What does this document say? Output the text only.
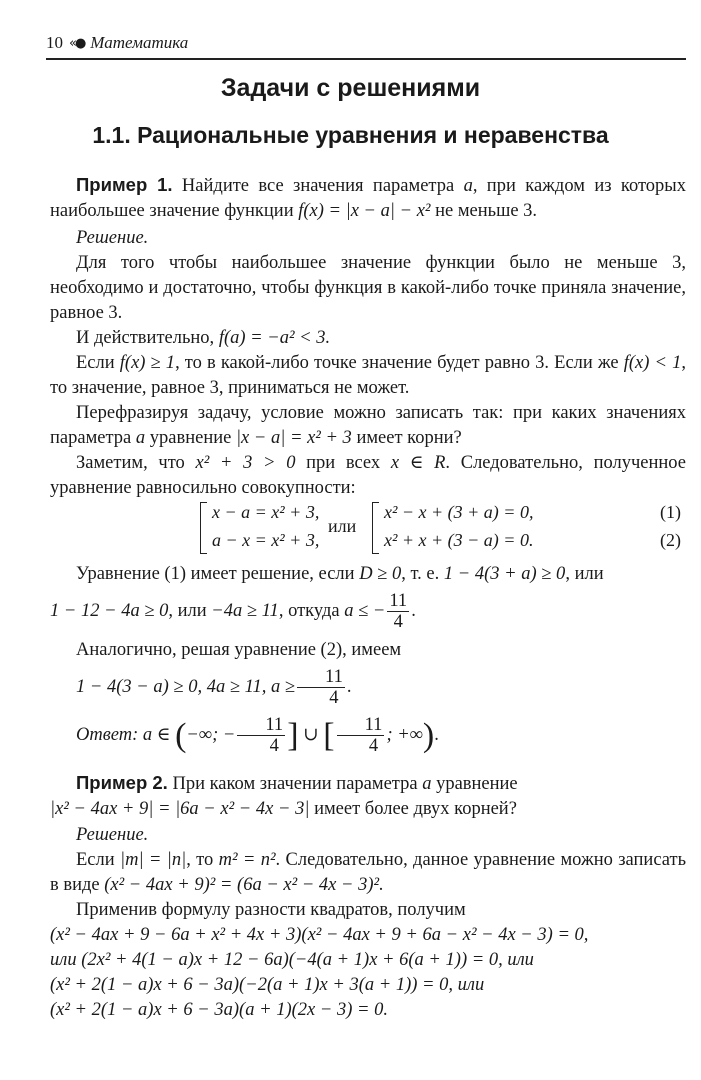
10 «● Математика
Задачи с решениями
1.1. Рациональные уравнения и неравенства
Пример 1. Найдите все значения параметра a, при каждом из которых наибольшее значение функции f(x) = |x − a| − x² не меньше 3.
Решение.
Для того чтобы наибольшее значение функции было не меньше 3, необходимо и достаточно, чтобы функция в какой-либо точке приняла значение, равное 3.
И действительно, f(a) = −a² < 3.
Если f(x) ≥ 1, то в какой-либо точке значение будет равно 3. Если же f(x) < 1, то значение, равное 3, приниматься не может.
Перефразируя задачу, условие можно записать так: при каких значениях параметра a уравнение |x − a| = x² + 3 имеет корни?
Заметим, что x² + 3 > 0 при всех x ∈ R. Следовательно, полученное уравнение равносильно совокупности:
x − a = x² + 3,
a − x = x² + 3,
или
x² − x + (3 + a) = 0,
x² + x + (3 − a) = 0.
(1)
(2)
Уравнение (1) имеет решение, если D ≥ 0, т. е. 1 − 4(3 + a) ≥ 0, или
1 − 12 − 4a ≥ 0, или −4a ≥ 11, откуда a ≤ − $\frac{11}{4}$ .
Аналогично, решая уравнение (2), имеем
1 − 4(3 − a) ≥ 0, 4a ≥ 11, $a \ge \frac{11}{4}$ .
Ответ: a ∈ (−∞; − $\frac{11}{4}$ ] ∪ [ $\frac{11}{4}$ ; +∞).
Пример 2. При каком значении параметра a уравнение
|x² − 4ax + 9| = |6a − x² − 4x − 3| имеет более двух корней?
Решение.
Если |m| = |n|, то m² = n². Следовательно, данное уравнение можно записать в виде (x² − 4ax + 9)² = (6a − x² − 4x − 3)².
Применив формулу разности квадратов, получим
(x² − 4ax + 9 − 6a + x² + 4x + 3)(x² − 4ax + 9 + 6a − x² − 4x − 3) = 0,
или (2x² + 4(1 − a)x + 12 − 6a)(−4(a + 1)x + 6(a + 1)) = 0, или
(x² + 2(1 − a)x + 6 − 3a)(−2(a + 1)x + 3(a + 1)) = 0, или
(x² + 2(1 − a)x + 6 − 3a)(a + 1)(2x − 3) = 0.
